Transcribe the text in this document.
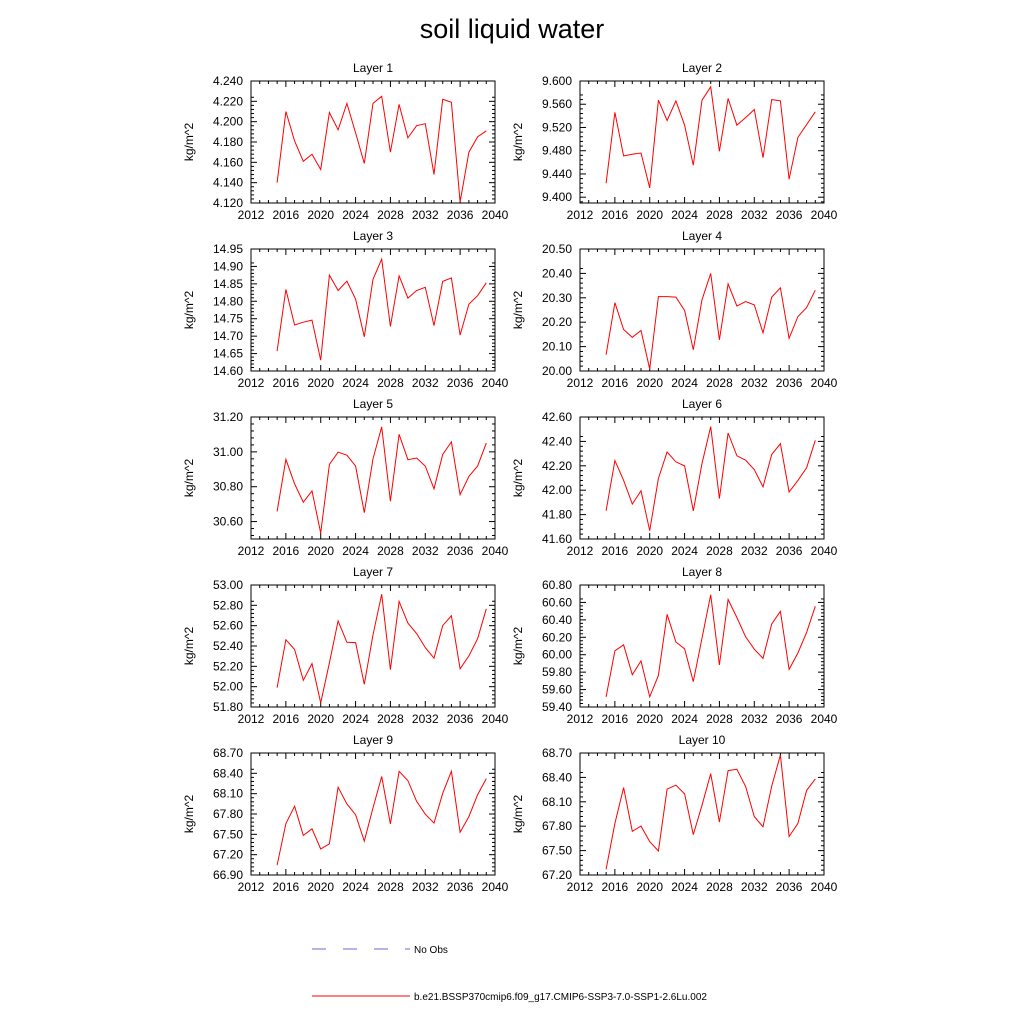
soil liquid water
Layer 1
2012 2016 2020 2024 2028 2032 2036 2040
4.120
4.140
4.160
4.180
4.200
4.220
4.240
kg/m^2
Layer 2
2012 2016 2020 2024 2028 2032 2036 2040
9.400
9.440
9.480
9.520
9.560
9.600
kg/m^2
Layer 3
2012 2016 2020 2024 2028 2032 2036 2040
14.60
14.65
14.70
14.75
14.80
14.85
14.90
14.95
kg/m^2
Layer 4
2012 2016 2020 2024 2028 2032 2036 2040
20.00
20.10
20.20
20.30
20.40
20.50
kg/m^2
Layer 5
2012 2016 2020 2024 2028 2032 2036 2040
30.60
30.80
31.00
31.20
kg/m^2
Layer 6
2012 2016 2020 2024 2028 2032 2036 2040
41.60
41.80
42.00
42.20
42.40
42.60
kg/m^2
Layer 7
2012 2016 2020 2024 2028 2032 2036 2040
51.80
52.00
52.20
52.40
52.60
52.80
53.00
kg/m^2
Layer 8
2012 2016 2020 2024 2028 2032 2036 2040
59.40
59.60
59.80
60.00
60.20
60.40
60.60
60.80
kg/m^2
Layer 9
2012 2016 2020 2024 2028 2032 2036 2040
66.90
67.20
67.50
67.80
68.10
68.40
68.70
kg/m^2
Layer 10
2012 2016 2020 2024 2028 2032 2036 2040
67.20
67.50
67.80
68.10
68.40
68.70
kg/m^2
No Obs
b.e21.BSSP370cmip6.f09_g17.CMIP6-SSP3-7.0-SSP1-2.6Lu.002
